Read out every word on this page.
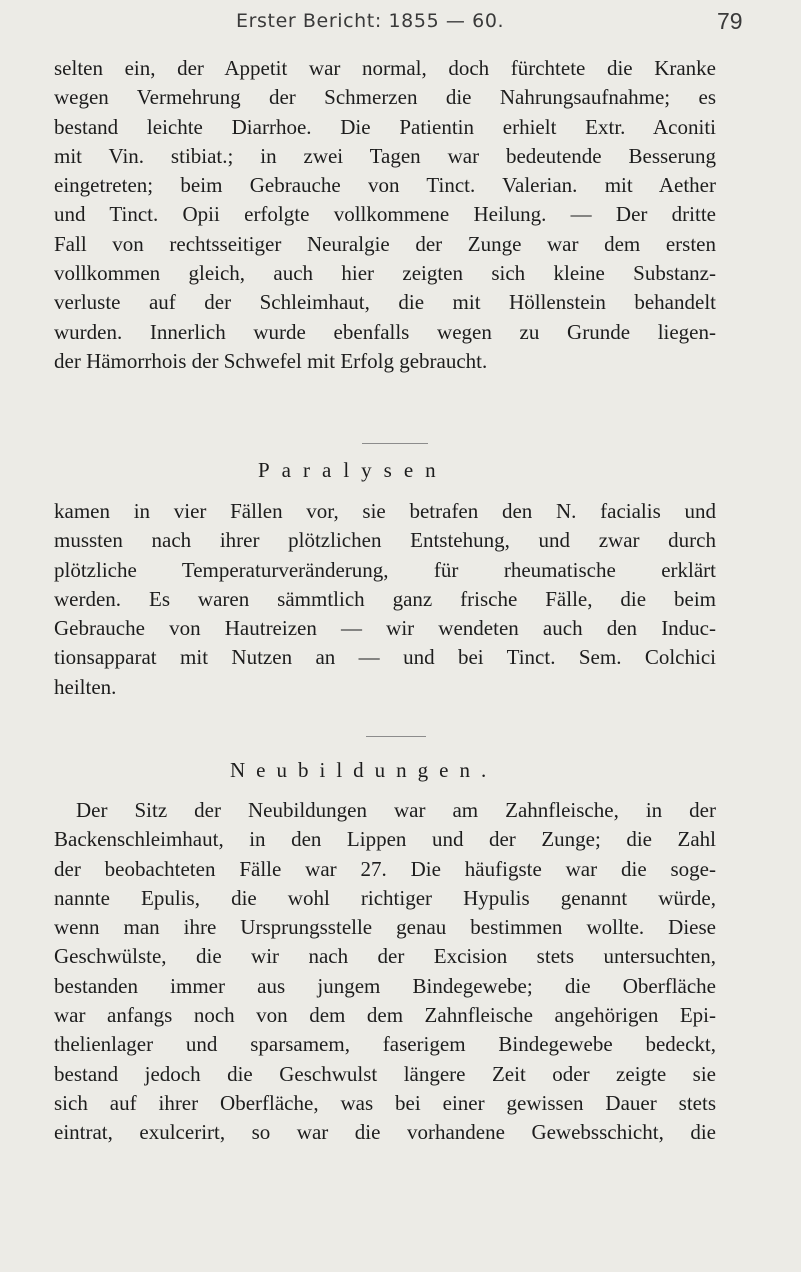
Erster Bericht: 1855 — 60.	79
selten ein, der Appetit war normal, doch fürchtete die Kranke
wegen Vermehrung der Schmerzen die Nahrungsaufnahme; es
bestand leichte Diarrhoe. Die Patientin erhielt Extr. Aconiti
mit Vin. stibiat.; in zwei Tagen war bedeutende Besserung
eingetreten; beim Gebrauche von Tinct. Valerian. mit Aether
und Tinct. Opii erfolgte vollkommene Heilung. — Der dritte
Fall von rechtsseitiger Neuralgie der Zunge war dem ersten
vollkommen gleich, auch hier zeigten sich kleine Substanz-
verluste auf der Schleimhaut, die mit Höllenstein behandelt
wurden. Innerlich wurde ebenfalls wegen zu Grunde liegen-
der Hämorrhois der Schwefel mit Erfolg gebraucht.
Paralysen
kamen in vier Fällen vor, sie betrafen den N. facialis und
mussten nach ihrer plötzlichen Entstehung, und zwar durch
plötzliche Temperaturveränderung, für rheumatische erklärt
werden. Es waren sämmtlich ganz frische Fälle, die beim
Gebrauche von Hautreizen — wir wendeten auch den Induc-
tionsapparat mit Nutzen an — und bei Tinct. Sem. Colchici
heilten.
Neubildungen.
Der Sitz der Neubildungen war am Zahnfleische, in der
Backenschleimhaut, in den Lippen und der Zunge; die Zahl
der beobachteten Fälle war 27. Die häufigste war die soge-
nannte Epulis, die wohl richtiger Hypulis genannt würde,
wenn man ihre Ursprungsstelle genau bestimmen wollte. Diese
Geschwülste, die wir nach der Excision stets untersuchten,
bestanden immer aus jungem Bindegewebe; die Oberfläche
war anfangs noch von dem dem Zahnfleische angehörigen Epi-
thelienlager und sparsamem, faserigem Bindegewebe bedeckt,
bestand jedoch die Geschwulst längere Zeit oder zeigte sie
sich auf ihrer Oberfläche, was bei einer gewissen Dauer stets
eintrat, exulcerirt, so war die vorhandene Gewebsschicht, die
